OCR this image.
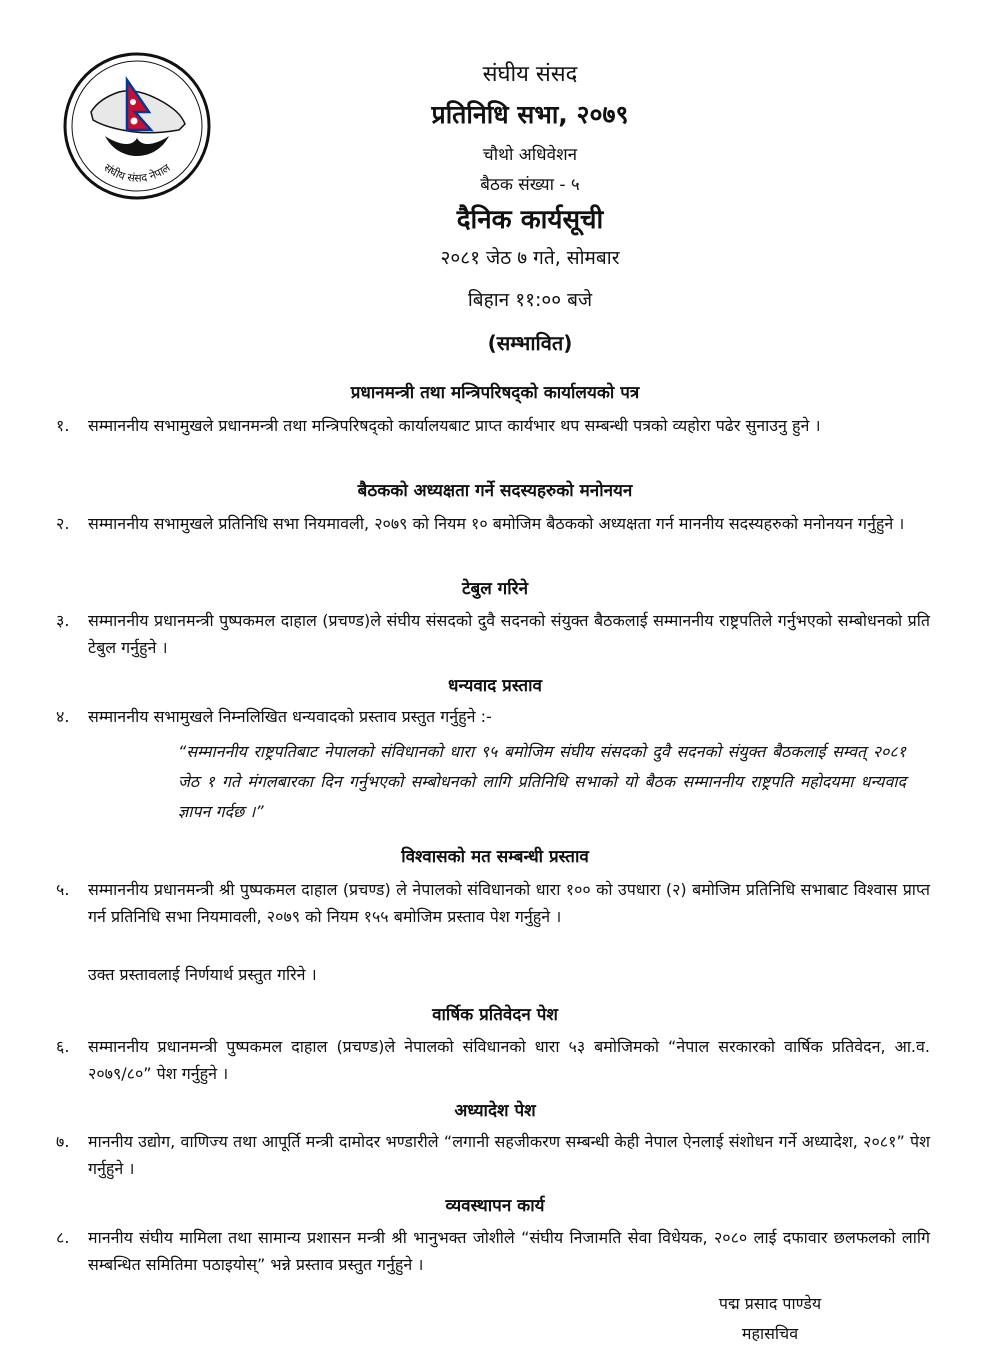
संघीय संसद नेपाल
संघीय संसद
प्रतिनिधि सभा, २०७९
चौथो अधिवेशन
बैठक संख्या - ५
दैनिक कार्यसूची
२०८१ जेठ ७ गते, सोमबार
बिहान ११:०० बजे
(सम्भावित)
प्रधानमन्त्री तथा मन्त्रिपरिषद्को कार्यालयको पत्र
१.	सम्माननीय सभामुखले प्रधानमन्त्री तथा मन्त्रिपरिषद्को कार्यालयबाट प्राप्त कार्यभार थप सम्बन्धी पत्रको व्यहोरा पढेर सुनाउनु हुने ।
बैठकको अध्यक्षता गर्ने सदस्यहरुको मनोनयन
२.	सम्माननीय सभामुखले प्रतिनिधि सभा नियमावली, २०७९ को नियम १० बमोजिम बैठकको अध्यक्षता गर्न माननीय सदस्यहरुको मनोनयन गर्नुहुने ।
टेबुल गरिने
३.	सम्माननीय प्रधानमन्त्री पुष्पकमल दाहाल (प्रचण्ड)ले संघीय संसदको दुवै सदनको संयुक्त बैठकलाई सम्माननीय राष्ट्रपतिले गर्नुभएको सम्बोधनको प्रति टेबुल गर्नुहुने ।
धन्यवाद प्रस्ताव
४.	सम्माननीय सभामुखले निम्नलिखित धन्यवादको प्रस्ताव प्रस्तुत गर्नुहुने :-
“सम्माननीय राष्ट्रपतिबाट नेपालको संविधानको धारा ९५ बमोजिम संघीय संसदको दुवै सदनको संयुक्त बैठकलाई सम्वत् २०८१ जेठ १ गते मंगलबारका दिन गर्नुभएको सम्बोधनको लागि प्रतिनिधि सभाको यो बैठक सम्माननीय राष्ट्रपति महोदयमा धन्यवाद ज्ञापन गर्दछ ।”
विश्वासको मत सम्बन्धी प्रस्ताव
५.	सम्माननीय प्रधानमन्त्री श्री पुष्पकमल दाहाल (प्रचण्ड) ले नेपालको संविधानको धारा १०० को उपधारा (२) बमोजिम प्रतिनिधि सभाबाट विश्वास प्राप्त गर्न प्रतिनिधि सभा नियमावली, २०७९ को नियम १५५ बमोजिम प्रस्ताव पेश गर्नुहुने ।
उक्त प्रस्तावलाई निर्णयार्थ प्रस्तुत गरिने ।
वार्षिक प्रतिवेदन पेश
६.	सम्माननीय प्रधानमन्त्री पुष्पकमल दाहाल (प्रचण्ड)ले नेपालको संविधानको धारा ५३ बमोजिमको “नेपाल सरकारको वार्षिक प्रतिवेदन, आ.व. २०७९/८०” पेश गर्नुहुने ।
अध्यादेश पेश
७.	माननीय उद्योग, वाणिज्य तथा आपूर्ति मन्त्री दामोदर भण्डारीले “लगानी सहजीकरण सम्बन्धी केही नेपाल ऐनलाई संशोधन गर्ने अध्यादेश, २०८१” पेश गर्नुहुने ।
व्यवस्थापन कार्य
८.	माननीय संघीय मामिला तथा सामान्य प्रशासन मन्त्री श्री भानुभक्त जोशीले “संघीय निजामति सेवा विधेयक, २०८० लाई दफावार छलफलको लागि सम्बन्धित समितिमा पठाइयोस्” भन्ने प्रस्ताव प्रस्तुत गर्नुहुने ।
पद्म प्रसाद पाण्डेय
महासचिव
